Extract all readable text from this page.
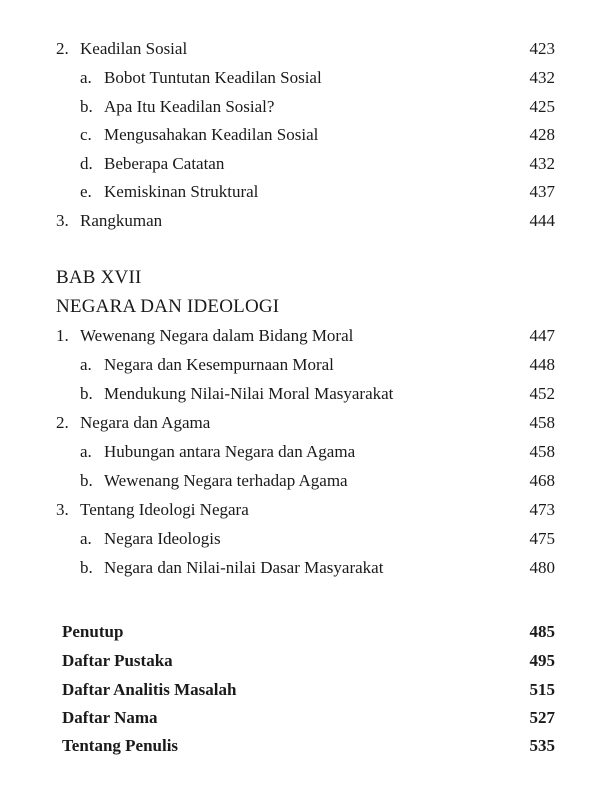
2. Keadilan Sosial	423
a. Bobot Tuntutan Keadilan Sosial	432
b. Apa Itu Keadilan Sosial?	425
c. Mengusahakan Keadilan Sosial	428
d. Beberapa Catatan	432
e. Kemiskinan Struktural	437
3. Rangkuman	444
BAB XVII
NEGARA DAN IDEOLOGI
1. Wewenang Negara dalam Bidang Moral	447
a. Negara dan Kesempurnaan Moral	448
b. Mendukung Nilai-Nilai Moral Masyarakat	452
2. Negara dan Agama	458
a. Hubungan antara Negara dan Agama	458
b. Wewenang Negara terhadap Agama	468
3. Tentang Ideologi Negara	473
a. Negara Ideologis	475
b. Negara dan Nilai-nilai Dasar Masyarakat	480
Penutup	485
Daftar Pustaka	495
Daftar Analitis Masalah	515
Daftar Nama	527
Tentang Penulis	535
